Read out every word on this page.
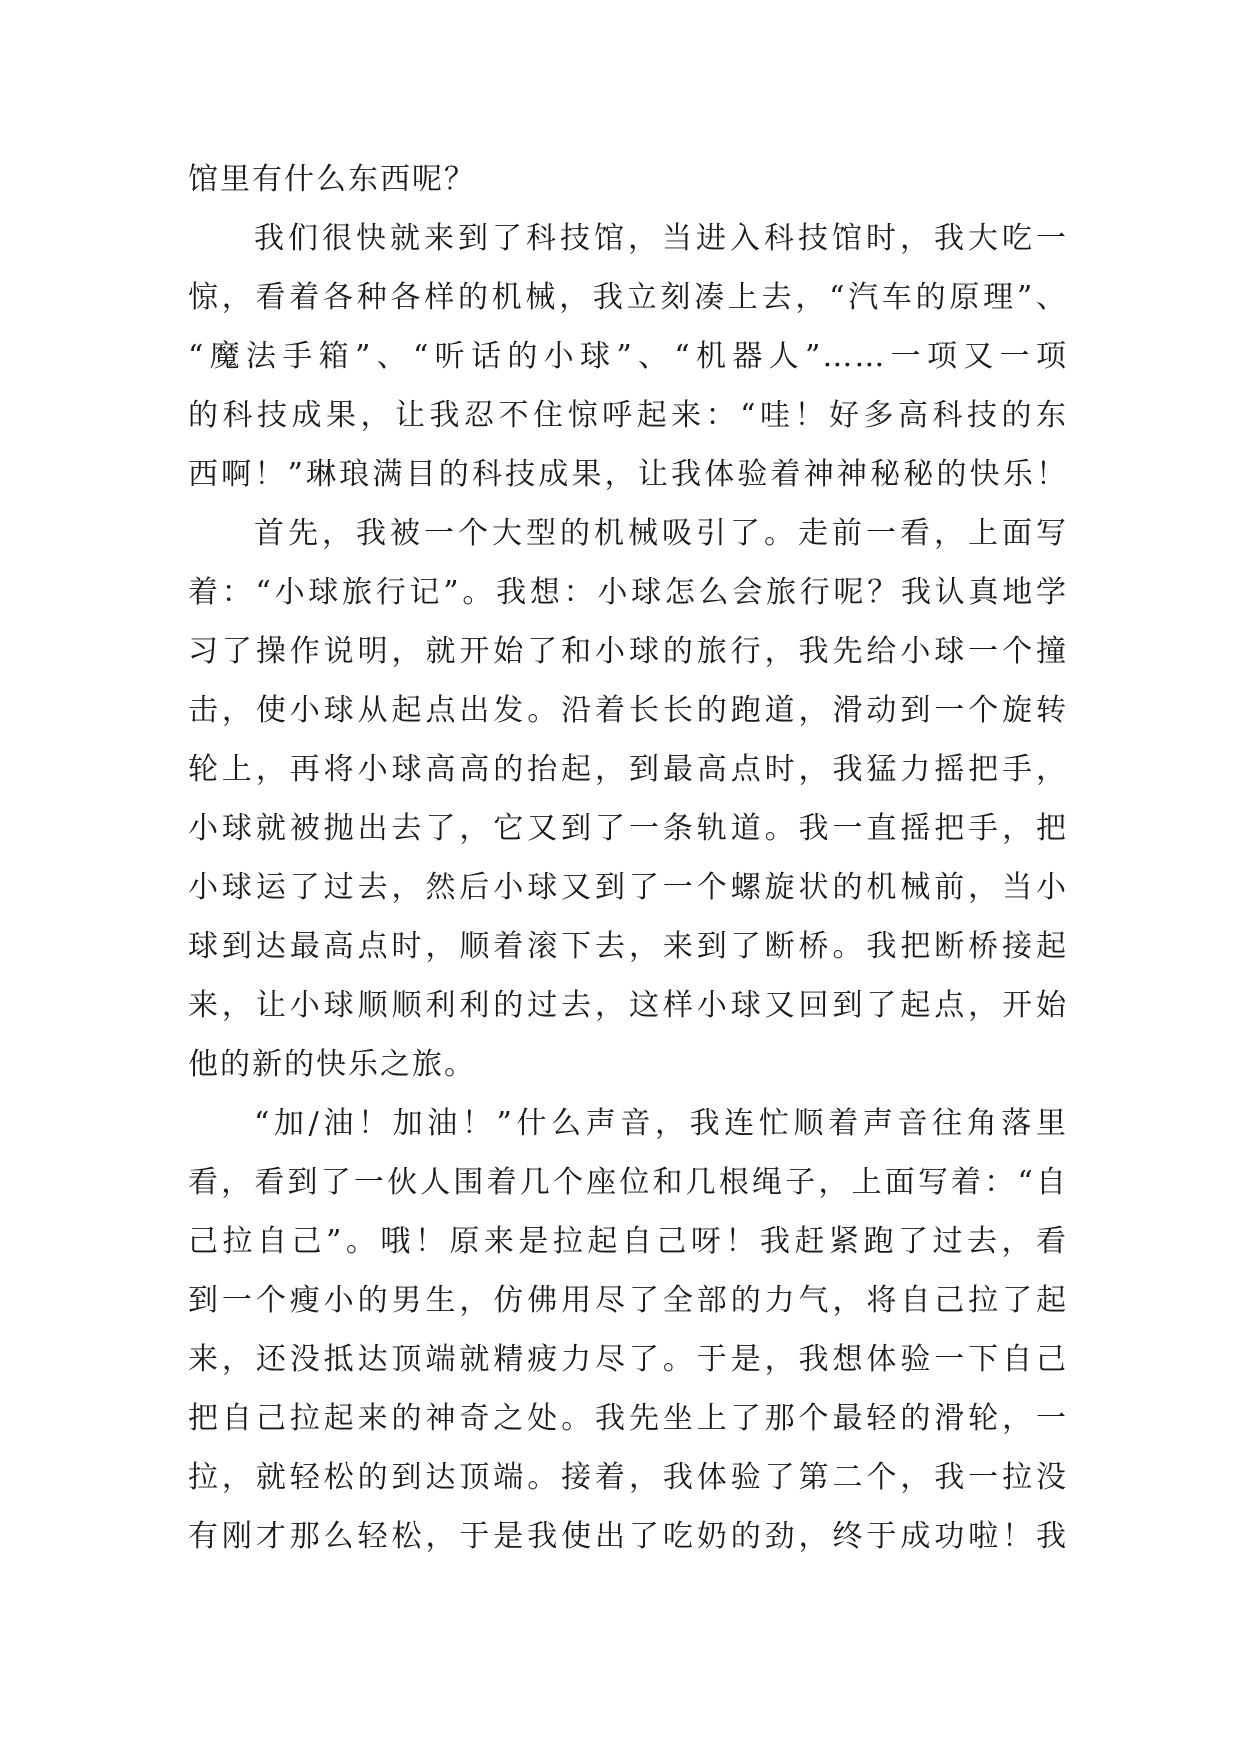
馆里有什么东西呢？
我们很快就来到了科技馆，当进入科技馆时，我大吃一
惊，看着各种各样的机械，我立刻凑上去，“汽车的原理”、
“魔法手箱”、“听话的小球”、“机器人”……一项又一项
的科技成果，让我忍不住惊呼起来：“哇！好多高科技的东
西啊！”琳琅满目的科技成果，让我体验着神神秘秘的快乐！
首先，我被一个大型的机械吸引了。走前一看，上面写
着：“小球旅行记”。我想：小球怎么会旅行呢？我认真地学
习了操作说明，就开始了和小球的旅行，我先给小球一个撞
击，使小球从起点出发。沿着长长的跑道，滑动到一个旋转
轮上，再将小球高高的抬起，到最高点时，我猛力摇把手，
小球就被抛出去了，它又到了一条轨道。我一直摇把手，把
小球运了过去，然后小球又到了一个螺旋状的机械前，当小
球到达最高点时，顺着滚下去，来到了断桥。我把断桥接起
来，让小球顺顺利利的过去，这样小球又回到了起点，开始
他的新的快乐之旅。
“加/油！加油！”什么声音，我连忙顺着声音往角落里
看，看到了一伙人围着几个座位和几根绳子，上面写着：“自
己拉自己”。哦！原来是拉起自己呀！我赶紧跑了过去，看
到一个瘦小的男生，仿佛用尽了全部的力气，将自己拉了起
来，还没抵达顶端就精疲力尽了。于是，我想体验一下自己
把自己拉起来的神奇之处。我先坐上了那个最轻的滑轮，一
拉，就轻松的到达顶端。接着，我体验了第二个，我一拉没
有刚才那么轻松，于是我使出了吃奶的劲，终于成功啦！我
